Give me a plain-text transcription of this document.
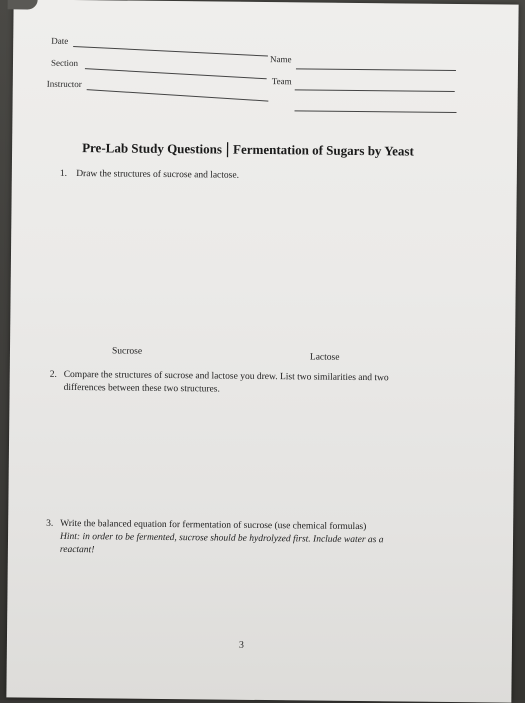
Date
Name
Section
Team
Instructor
Pre-Lab Study Questions | Fermentation of Sugars by Yeast
1. Draw the structures of sucrose and lactose.
Sucrose
Lactose
2. Compare the structures of sucrose and lactose you drew. List two similarities and two
differences between these two structures.
3. Write the balanced equation for fermentation of sucrose (use chemical formulas)
Hint: in order to be fermented, sucrose should be hydrolyzed first. Include water as a
reactant!
3
